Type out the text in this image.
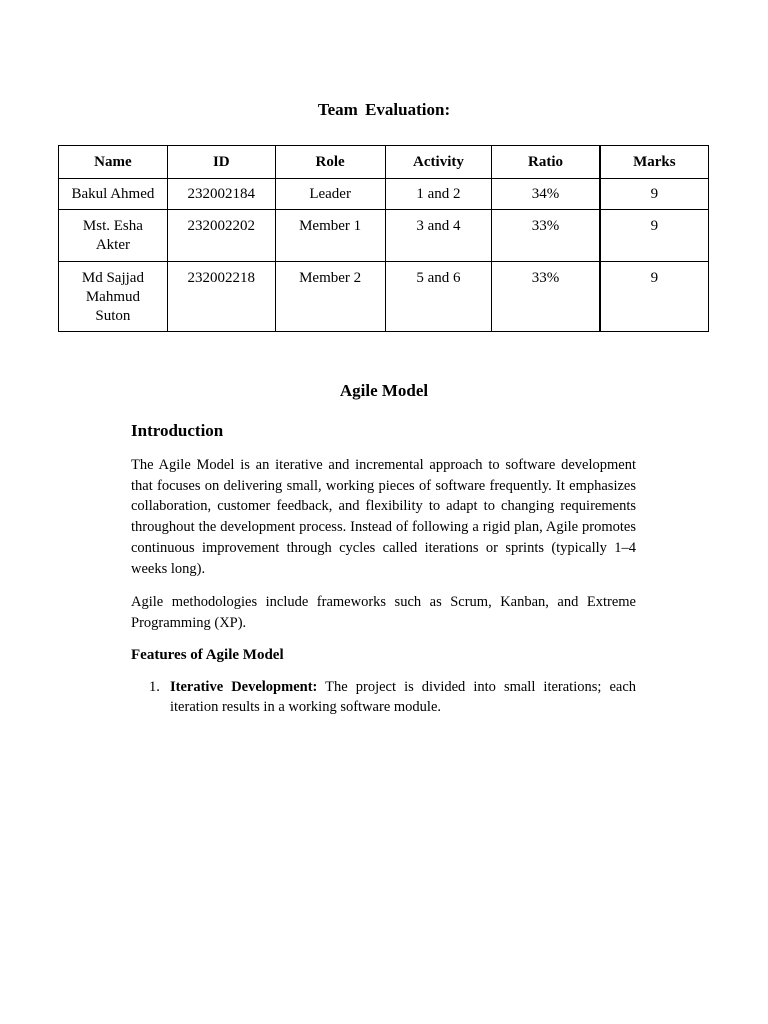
Team Evaluation:
Name	ID	Role	Activity	Ratio	Marks
Bakul Ahmed	232002184	Leader	1 and 2	34%	9
Mst. Esha Akter	232002202	Member 1	3 and 4	33%	9
Md Sajjad Mahmud Suton	232002218	Member 2	5 and 6	33%	9
Agile Model
Introduction

The Agile Model is an iterative and incremental approach to software development that focuses on delivering small, working pieces of software frequently. It emphasizes collaboration, customer feedback, and flexibility to adapt to changing requirements throughout the development process. Instead of following a rigid plan, Agile promotes continuous improvement through cycles called iterations or sprints (typically 1–4 weeks long).

Agile methodologies include frameworks such as Scrum, Kanban, and Extreme Programming (XP).

Features of Agile Model
1. Iterative Development: The project is divided into small iterations; each iteration results in a working software module.
